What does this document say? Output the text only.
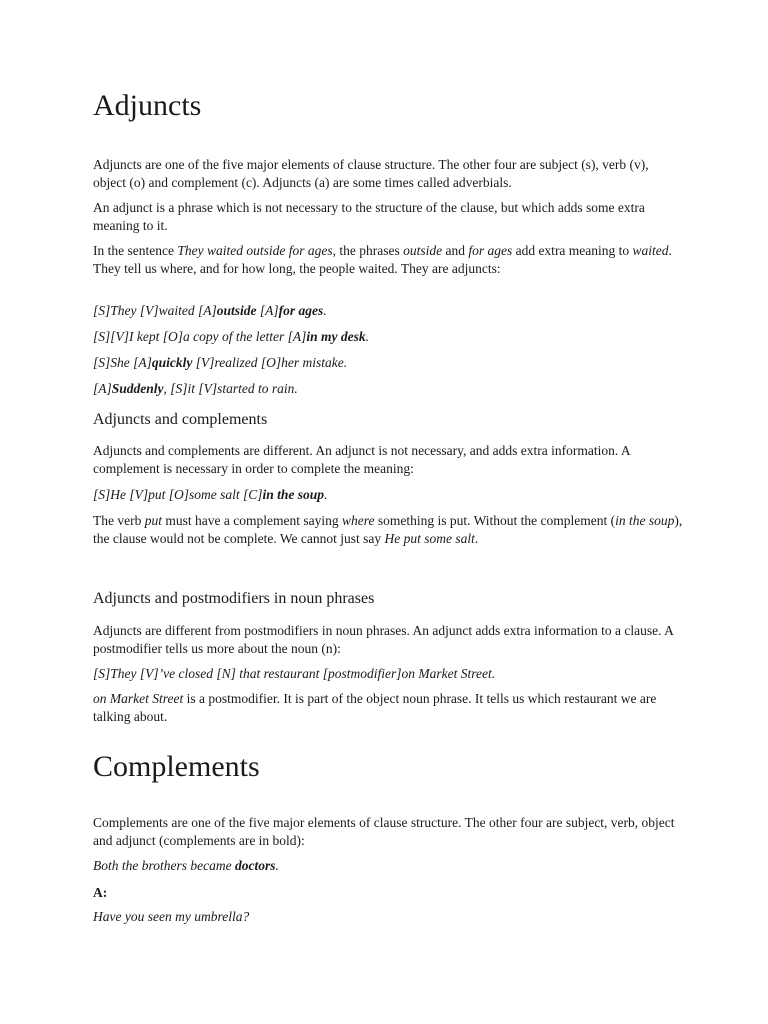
Adjuncts

Adjuncts are one of the five major elements of clause structure. The other four are subject (s), verb (v), object (o) and complement (c). Adjuncts (a) are some times called adverbials.

An adjunct is a phrase which is not necessary to the structure of the clause, but which adds some extra meaning to it.

In the sentence They waited outside for ages, the phrases outside and for ages add extra meaning to waited. They tell us where, and for how long, the people waited. They are adjuncts:

[S]They [V]waited [A]outside [A]for ages.

[S][V]I kept [O]a copy of the letter [A]in my desk.

[S]She [A]quickly [V]realized [O]her mistake.

[A]Suddenly, [S]it [V]started to rain.

Adjuncts and complements

Adjuncts and complements are different. An adjunct is not necessary, and adds extra information. A complement is necessary in order to complete the meaning:

[S]He [V]put [O]some salt [C]in the soup.

The verb put must have a complement saying where something is put. Without the complement (in the soup), the clause would not be complete. We cannot just say He put some salt.

Adjuncts and postmodifiers in noun phrases

Adjuncts are different from postmodifiers in noun phrases. An adjunct adds extra information to a clause. A postmodifier tells us more about the noun (n):

[S]They [V]’ve closed [N] that restaurant [postmodifier]on Market Street.

on Market Street is a postmodifier. It is part of the object noun phrase. It tells us which restaurant we are talking about.

Complements

Complements are one of the five major elements of clause structure. The other four are subject, verb, object and adjunct (complements are in bold):

Both the brothers became doctors.

A:

Have you seen my umbrella?
